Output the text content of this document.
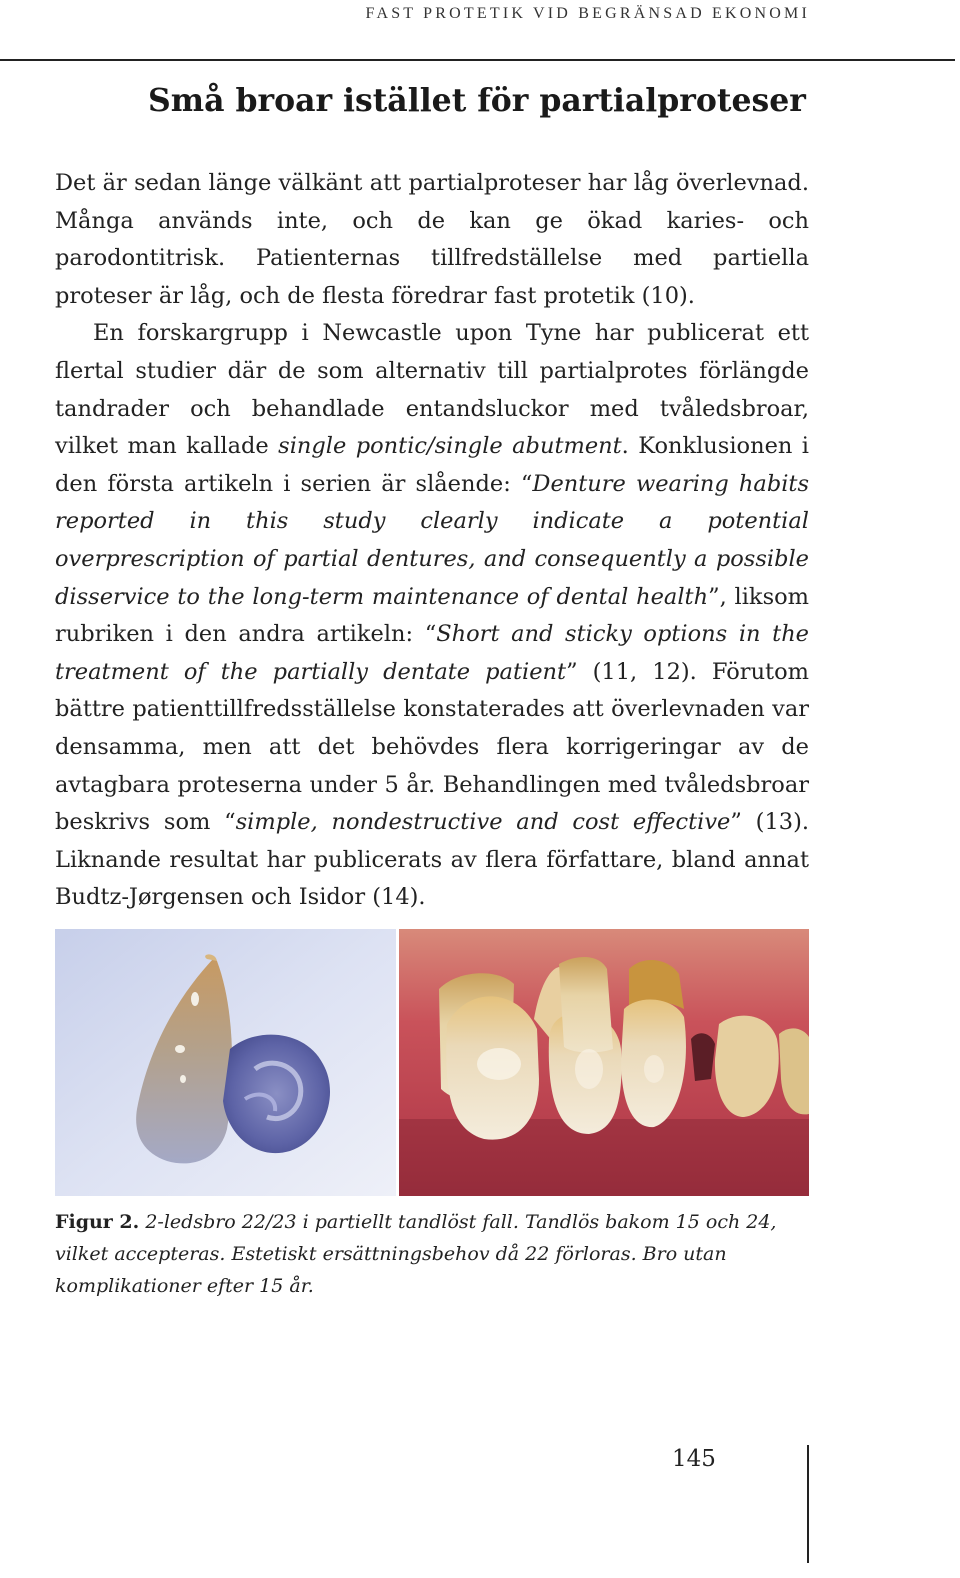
FAST PROTETIK VID BEGRÄNSAD EKONOMI
Små broar istället för partialproteser

Det är sedan länge välkänt att partialproteser har låg överlevnad. Många används inte, och de kan ge ökad karies- och parodontitrisk. Patienternas tillfredställelse med partiella proteser är låg, och de flesta föredrar fast protetik (10).

En forskargrupp i Newcastle upon Tyne har publicerat ett flertal studier där de som alternativ till partialprotes förlängde tandrader och behandlade entandsluckor med tvåledsbroar, vilket man kallade single pontic/single abutment. Konklusionen i den första artikeln i serien är slående: “Denture wearing habits reported in this study clearly indicate a potential overprescription of partial dentures, and consequently a possible disservice to the long-term maintenance of dental health”, liksom rubriken i den andra artikeln: “Short and sticky options in the treatment of the partially dentate patient” (11, 12). Förutom bättre patienttillfredsställelse konstaterades att överlevnaden var densamma, men att det behövdes flera korrigeringar av de avtagbara proteserna under 5 år. Behandlingen med tvåledsbroar beskrivs som “simple, nondestructive and cost effective” (13). Liknande resultat har publicerats av flera författare, bland annat Budtz-Jørgensen och Isidor (14).

Figur 2. 2-ledsbro 22/23 i partiellt tandlöst fall. Tandlös bakom 15 och 24, vilket accepteras. Estetiskt ersättningsbehov då 22 förloras. Bro utan komplikationer efter 15 år.
145
